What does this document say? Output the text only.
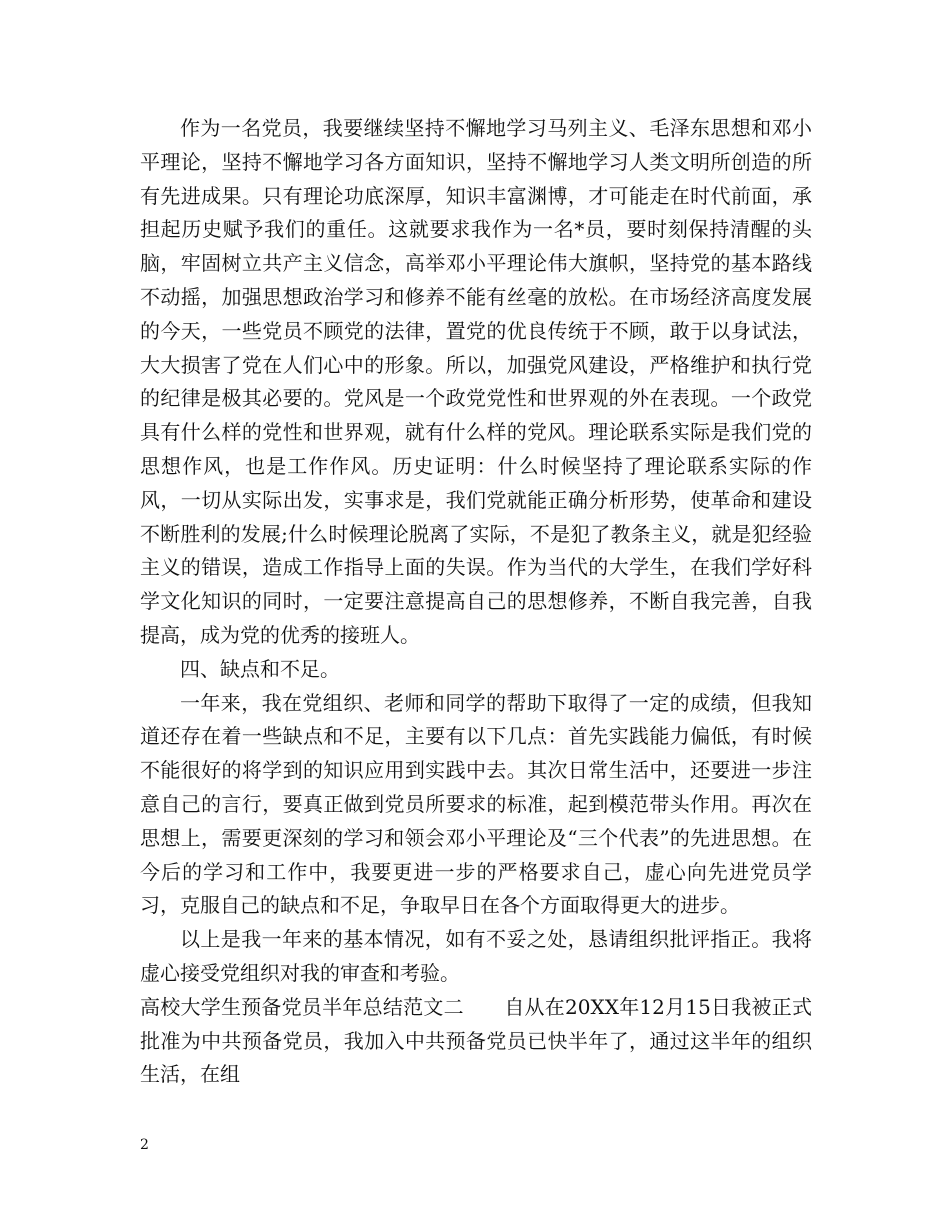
作为一名党员，我要继续坚持不懈地学习马列主义、毛泽东思想和邓小平理论，坚持不懈地学习各方面知识，坚持不懈地学习人类文明所创造的所有先进成果。只有理论功底深厚，知识丰富渊博，才可能走在时代前面，承担起历史赋予我们的重任。这就要求我作为一名*员，要时刻保持清醒的头脑，牢固树立共产主义信念，高举邓小平理论伟大旗帜，坚持党的基本路线不动摇，加强思想政治学习和修养不能有丝毫的放松。在市场经济高度发展的今天，一些党员不顾党的法律，置党的优良传统于不顾，敢于以身试法，大大损害了党在人们心中的形象。所以，加强党风建设，严格维护和执行党的纪律是极其必要的。党风是一个政党党性和世界观的外在表现。一个政党具有什么样的党性和世界观，就有什么样的党风。理论联系实际是我们党的思想作风，也是工作作风。历史证明：什么时候坚持了理论联系实际的作风，一切从实际出发，实事求是，我们党就能正确分析形势，使革命和建设不断胜利的发展;什么时候理论脱离了实际，不是犯了教条主义，就是犯经验主义的错误，造成工作指导上面的失误。作为当代的大学生，在我们学好科学文化知识的同时，一定要注意提高自己的思想修养，不断自我完善，自我提高，成为党的优秀的接班人。

四、缺点和不足。

一年来，我在党组织、老师和同学的帮助下取得了一定的成绩，但我知道还存在着一些缺点和不足，主要有以下几点：首先实践能力偏低，有时候不能很好的将学到的知识应用到实践中去。其次日常生活中，还要进一步注意自己的言行，要真正做到党员所要求的标准，起到模范带头作用。再次在思想上，需要更深刻的学习和领会邓小平理论及“三个代表”的先进思想。在今后的学习和工作中，我要更进一步的严格要求自己，虚心向先进党员学习，克服自己的缺点和不足，争取早日在各个方面取得更大的进步。

以上是我一年来的基本情况，如有不妥之处，恳请组织批评指正。我将虚心接受党组织对我的审查和考验。

高校大学生预备党员半年总结范文二　　 自从在20XX年12月15日我被正式批准为中共预备党员，我加入中共预备党员已快半年了，通过这半年的组织生活，在组

2
